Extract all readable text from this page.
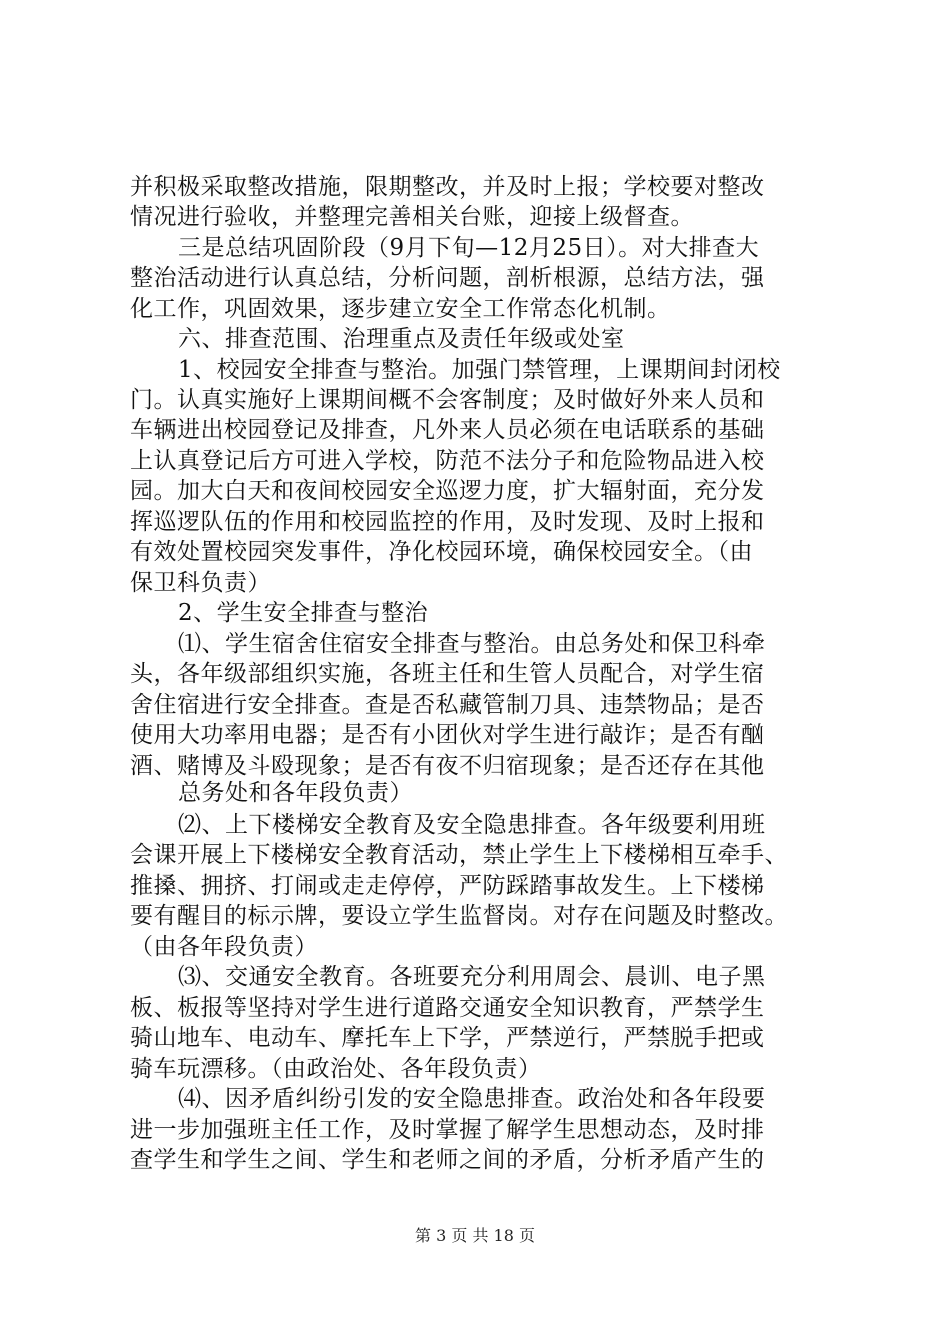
并积极采取整改措施，限期整改，并及时上报；学校要对整改
情况进行验收，并整理完善相关台账，迎接上级督查。
三是总结巩固阶段（9月下旬—12月25日）。对大排查大
整治活动进行认真总结，分析问题，剖析根源，总结方法，强
化工作，巩固效果，逐步建立安全工作常态化机制。
六、排查范围、治理重点及责任年级或处室
1、校园安全排查与整治。加强门禁管理，上课期间封闭校
门。认真实施好上课期间概不会客制度；及时做好外来人员和
车辆进出校园登记及排查，凡外来人员必须在电话联系的基础
上认真登记后方可进入学校，防范不法分子和危险物品进入校
园。加大白天和夜间校园安全巡逻力度，扩大辐射面，充分发
挥巡逻队伍的作用和校园监控的作用，及时发现、及时上报和
有效处置校园突发事件，净化校园环境，确保校园安全。（由
保卫科负责）
2、学生安全排查与整治
⑴、学生宿舍住宿安全排查与整治。由总务处和保卫科牵
头，各年级部组织实施，各班主任和生管人员配合，对学生宿
舍住宿进行安全排查。查是否私藏管制刀具、违禁物品；是否
使用大功率用电器；是否有小团伙对学生进行敲诈；是否有酗
酒、赌博及斗殴现象；是否有夜不归宿现象；是否还存在其他
总务处和各年段负责）
⑵、上下楼梯安全教育及安全隐患排查。各年级要利用班
会课开展上下楼梯安全教育活动，禁止学生上下楼梯相互牵手、
推搡、拥挤、打闹或走走停停，严防踩踏事故发生。上下楼梯
要有醒目的标示牌，要设立学生监督岗。对存在问题及时整改。
（由各年段负责）
⑶、交通安全教育。各班要充分利用周会、晨训、电子黑
板、板报等坚持对学生进行道路交通安全知识教育，严禁学生
骑山地车、电动车、摩托车上下学，严禁逆行，严禁脱手把或
骑车玩漂移。（由政治处、各年段负责）
⑷、因矛盾纠纷引发的安全隐患排查。政治处和各年段要
进一步加强班主任工作，及时掌握了解学生思想动态，及时排
查学生和学生之间、学生和老师之间的矛盾，分析矛盾产生的
第 3 页 共 18 页
